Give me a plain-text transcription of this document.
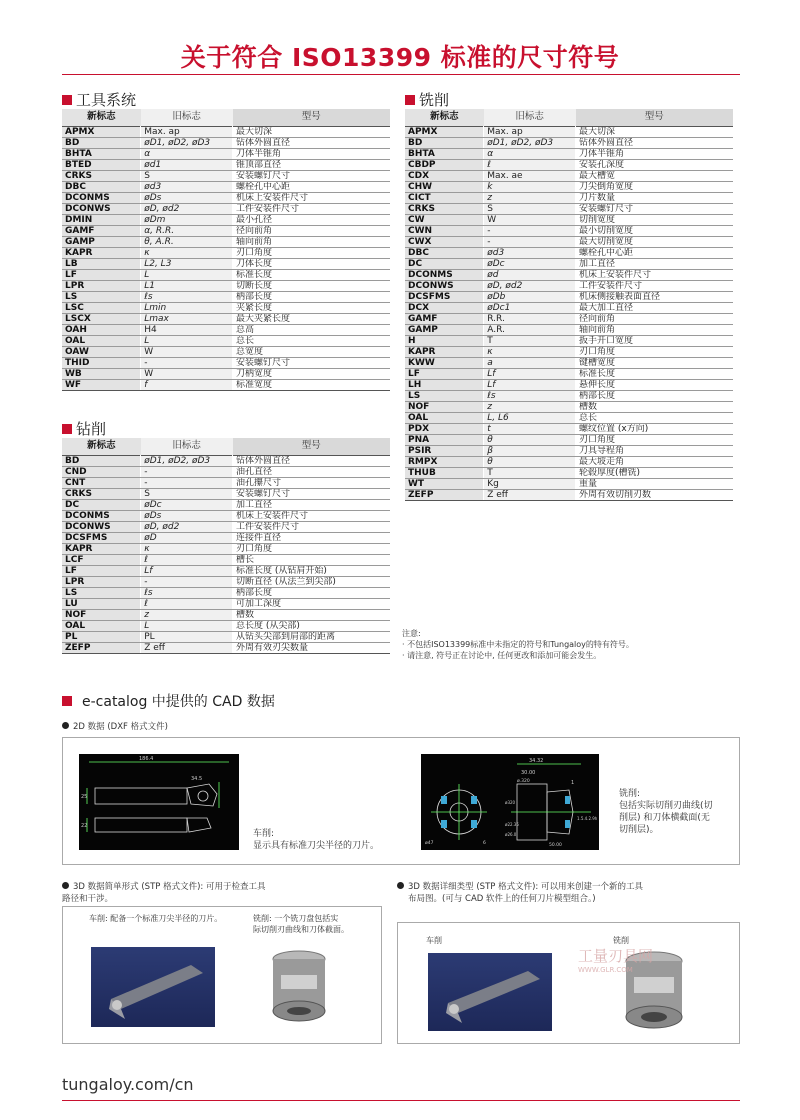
关于符合 ISO13399 标准的尺寸符号
工具系统
新标志	旧标志	型号
APMX	Max. ap	最大切深
BD	øD1, øD2, øD3	钻体外圆直径
BHTA	α	刀体半锥角
BTED	ød1	锥顶部直径
CRKS	S	安装螺钉尺寸
DBC	ød3	螺栓孔中心距
DCONMS	øDs	机床上安装件尺寸
DCONWS	øD, ød2	工件安装件尺寸
DMIN	øDm	最小孔径
GAMF	α, R.R.	径向前角
GAMP	θ, A.R.	轴向前角
KAPR	κ	刃口角度
LB	L2, L3	刀体长度
LF	L	标准长度
LPR	L1	切断长度
LS	ℓs	柄部长度
LSC	Lmin	夹紧长度
LSCX	Lmax	最大夹紧长度
OAH	H4	总高
OAL	L	总长
OAW	W	总宽度
THID	-	安装螺钉尺寸
WB	W	刀柄宽度
WF	f	标准宽度
钻削
新标志	旧标志	型号
BD	øD1, øD2, øD3	钻体外圆直径
CND	-	油孔直径
CNT	-	油孔攥尺寸
CRKS	S	安装螺钉尺寸
DC	øDc	加工直径
DCONMS	øDs	机床上安装件尺寸
DCONWS	øD, ød2	工件安装件尺寸
DCSFMS	øD	连接件直径
KAPR	κ	刃口角度
LCF	ℓ	槽长
LF	Lf	标准长度 (从钻肩开始)
LPR	-	切断直径 (从法兰到尖部)
LS	ℓs	柄部长度
LU	ℓ	可加工深度
NOF	z	槽数
OAL	L	总长度 (从尖部)
PL	PL	从钻头尖部到肩部的距离
ZEFP	Z eff	外周有效刃尖数量
铣削
新标志	旧标志	型号
APMX	Max. ap	最大切深
BD	øD1, øD2, øD3	钻体外圆直径
BHTA	α	刀体半锥角
CBDP	ℓ	安装孔深度
CDX	Max. ae	最大槽宽
CHW	k	刀尖倒角宽度
CICT	z	刀片数量
CRKS	S	安装螺钉尺寸
CW	W	切削宽度
CWN	-	最小切削宽度
CWX	-	最大切削宽度
DBC	ød3	螺栓孔中心距
DC	øDc	加工直径
DCONMS	ød	机床上安装件尺寸
DCONWS	øD, ød2	工件安装件尺寸
DCSFMS	øDb	机床侧接触表面直径
DCX	øDc1	最大加工直径
GAMF	R.R.	径向前角
GAMP	A.R.	轴向前角
H	T	扳手开口宽度
KAPR	κ	刃口角度
KWW	a	键槽宽度
LF	Lf	标准长度
LH	Lf	悬伸长度
LS	ℓs	柄部长度
NOF	z	槽数
OAL	L, L6	总长
PDX	t	螺纹位置 (x方向)
PNA	θ	刃口角度
PSIR	β	刀具导程角
RMPX	θ	最大坡走角
THUB	T	轮毂厚度(槽铣)
WT	Kg	重量
ZEFP	Z eff	外周有效切削刃数
注意:
· 不包括ISO13399标准中未指定的符号和Tungaloy的特有符号。
· 请注意, 符号正在讨论中, 任何更改和添加可能会发生。
e-catalog 中提供的 CAD 数据
2D 数据 (DXF 格式文件)
186.4
34.5
25
22
车削:
显示具有标准刀尖半径的刀片。
34.32
30.00
1
ø.320
ø47	6	50.00
1.5.4.2.9h
ø320
ø22.35
ø26.0
铣削:
包括实际切削刃曲线(切
削层) 和刀体横截面(无
切削层)。
3D 数据简单形式 (STP 格式文件): 可用于检查工具
路径和干涉。
车削: 配备一个标准刀尖半径的刀片。	铣削: 一个铣刀盘包括实
际切削刃曲线和刀体截面。
3D 数据详细类型 (STP 格式文件): 可以用来创建一个新的工具
布局图。(可与 CAD 软件上的任何刀片模型组合。)
车削	铣削
工量刃具网
WWW.GLR.COM
tungaloy.com/cn
